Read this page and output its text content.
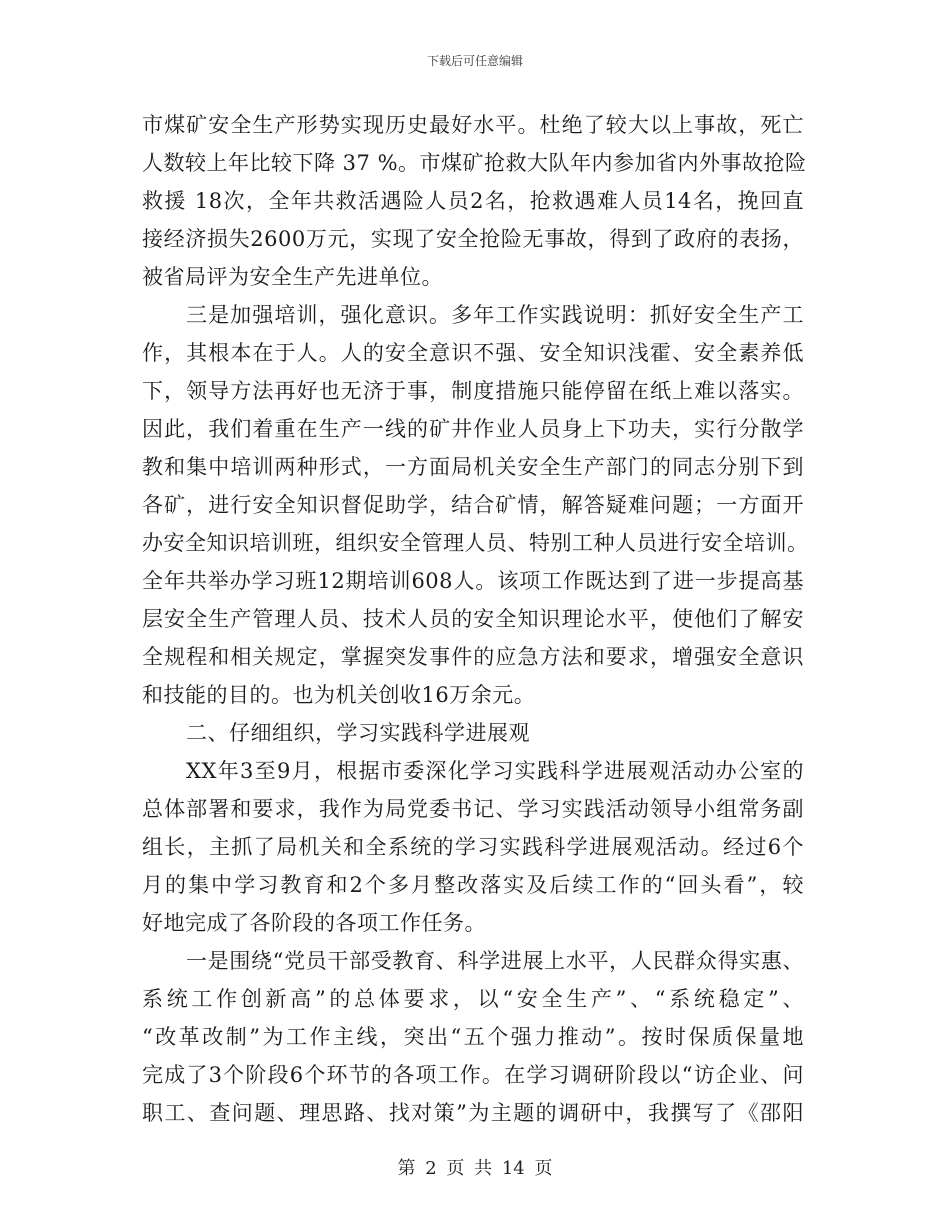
下载后可任意编辑
市煤矿安全生产形势实现历史最好水平。杜绝了较大以上事故，死亡
人数较上年比较下降 37 %。市煤矿抢救大队年内参加省内外事故抢险
救援 18次，全年共救活遇险人员2名，抢救遇难人员14名，挽回直
接经济损失2600万元，实现了安全抢险无事故，得到了政府的表扬，
被省局评为安全生产先进单位。
三是加强培训，强化意识。多年工作实践说明：抓好安全生产工
作，其根本在于人。人的安全意识不强、安全知识浅霍、安全素养低
下，领导方法再好也无济于事，制度措施只能停留在纸上难以落实。
因此，我们着重在生产一线的矿井作业人员身上下功夫，实行分散学
教和集中培训两种形式，一方面局机关安全生产部门的同志分别下到
各矿，进行安全知识督促助学，结合矿情，解答疑难问题；一方面开
办安全知识培训班，组织安全管理人员、特别工种人员进行安全培训。
全年共举办学习班12期培训608人。该项工作既达到了进一步提高基
层安全生产管理人员、技术人员的安全知识理论水平，使他们了解安
全规程和相关规定，掌握突发事件的应急方法和要求，增强安全意识
和技能的目的。也为机关创收16万余元。
二、仔细组织，学习实践科学进展观
XX年3至9月，根据市委深化学习实践科学进展观活动办公室的
总体部署和要求，我作为局党委书记、学习实践活动领导小组常务副
组长，主抓了局机关和全系统的学习实践科学进展观活动。经过6个
月的集中学习教育和2个多月整改落实及后续工作的“回头看”，较
好地完成了各阶段的各项工作任务。
一是围绕“党员干部受教育、科学进展上水平，人民群众得实惠、
系统工作创新高”的总体要求，以“安全生产”、“系统稳定”、
“改革改制”为工作主线，突出“五个强力推动”。按时保质保量地
完成了3个阶段6个环节的各项工作。在学习调研阶段以“访企业、问
职工、查问题、理思路、找对策”为主题的调研中，我撰写了《邵阳
第 2 页 共 14 页
